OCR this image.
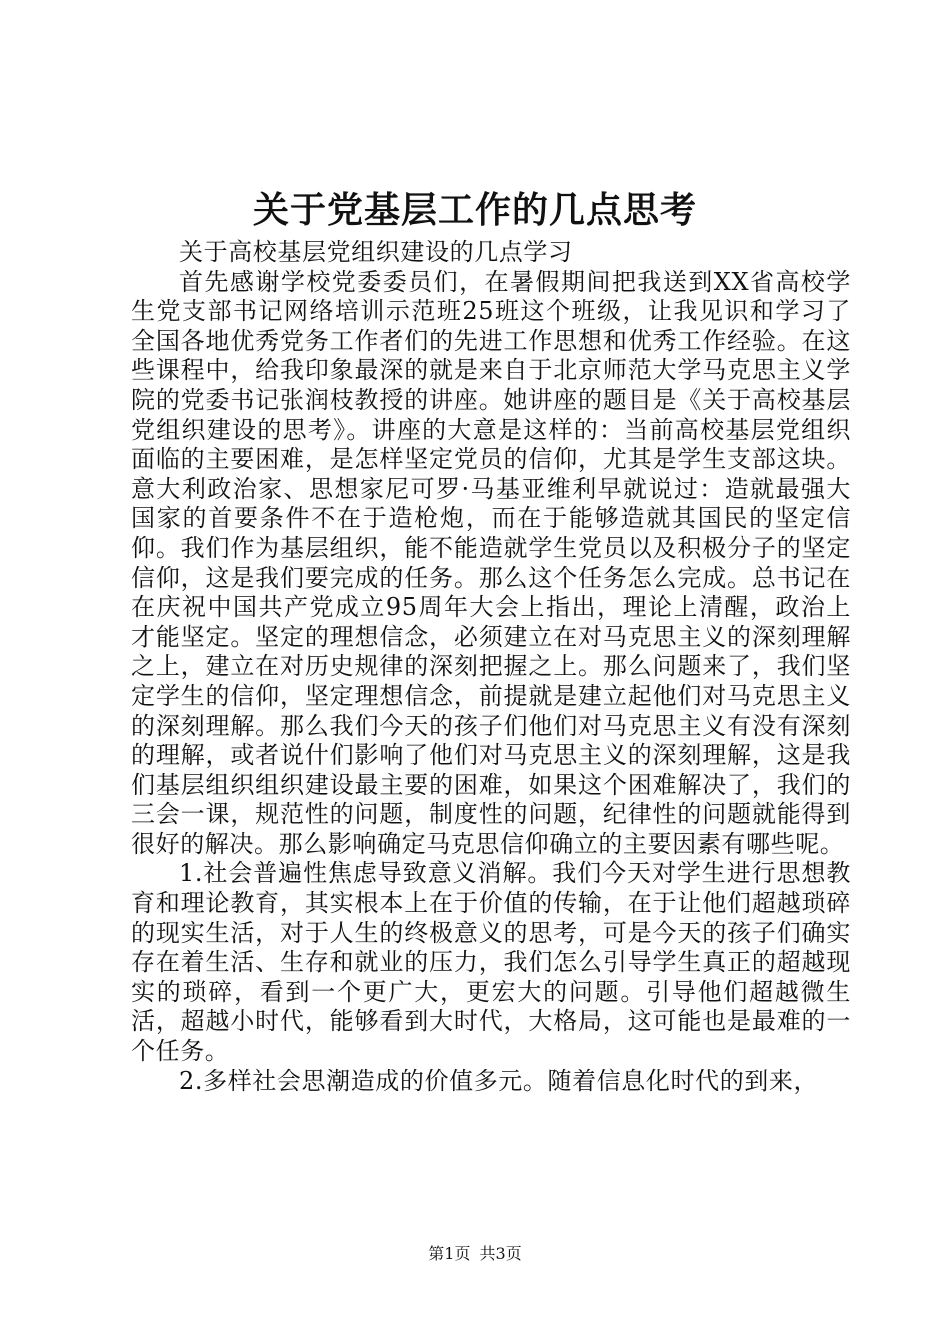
关于党基层工作的几点思考

关于高校基层党组织建设的几点学习

首先感谢学校党委委员们，在暑假期间把我送到XX省高校学生党支部书记网络培训示范班25班这个班级，让我见识和学习了全国各地优秀党务工作者们的先进工作思想和优秀工作经验。在这些课程中，给我印象最深的就是来自于北京师范大学马克思主义学院的党委书记张润枝教授的讲座。她讲座的题目是《关于高校基层党组织建设的思考》。讲座的大意是这样的：当前高校基层党组织面临的主要困难，是怎样坚定党员的信仰，尤其是学生支部这块。意大利政治家、思想家尼可罗·马基亚维利早就说过：造就最强大国家的首要条件不在于造枪炮，而在于能够造就其国民的坚定信仰。我们作为基层组织，能不能造就学生党员以及积极分子的坚定信仰，这是我们要完成的任务。那么这个任务怎么完成。总书记在在庆祝中国共产党成立95周年大会上指出，理论上清醒，政治上才能坚定。坚定的理想信念，必须建立在对马克思主义的深刻理解之上，建立在对历史规律的深刻把握之上。那么问题来了，我们坚定学生的信仰，坚定理想信念，前提就是建立起他们对马克思主义的深刻理解。那么我们今天的孩子们他们对马克思主义有没有深刻的理解，或者说什们影响了他们对马克思主义的深刻理解，这是我们基层组织组织建设最主要的困难，如果这个困难解决了，我们的三会一课，规范性的问题，制度性的问题，纪律性的问题就能得到很好的解决。那么影响确定马克思信仰确立的主要因素有哪些呢。

1.社会普遍性焦虑导致意义消解。我们今天对学生进行思想教育和理论教育，其实根本上在于价值的传输，在于让他们超越琐碎的现实生活，对于人生的终极意义的思考，可是今天的孩子们确实存在着生活、生存和就业的压力，我们怎么引导学生真正的超越现实的琐碎，看到一个更广大，更宏大的问题。引导他们超越微生活，超越小时代，能够看到大时代，大格局，这可能也是最难的一个任务。

2.多样社会思潮造成的价值多元。随着信息化时代的到来，

第1页 共3页
